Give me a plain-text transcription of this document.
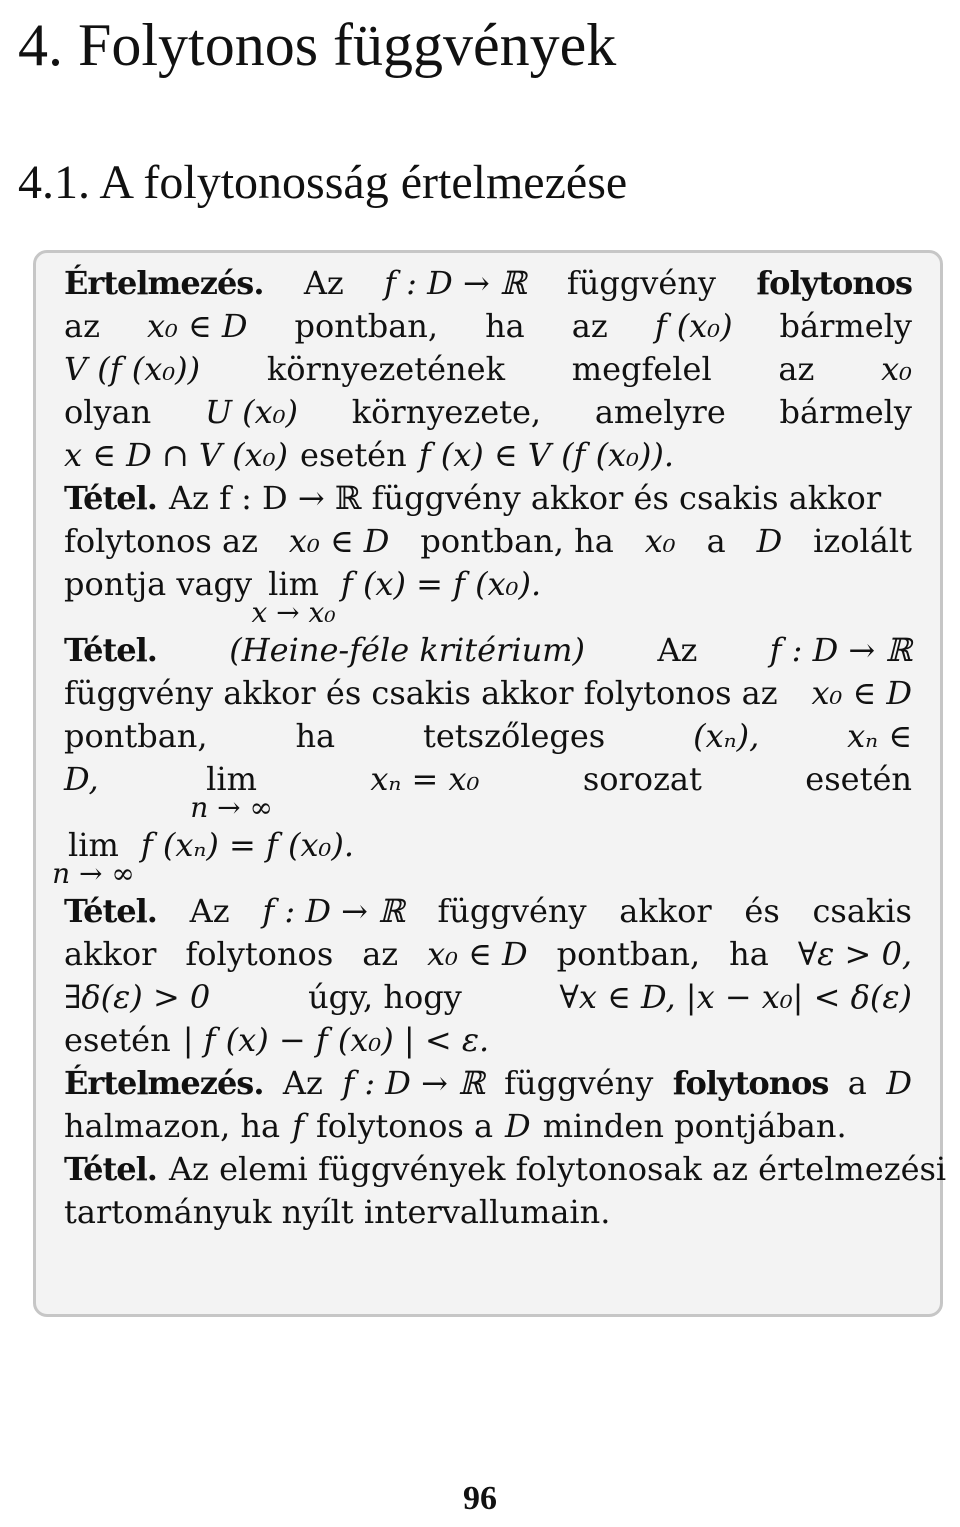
4. Folytonos függvények
4.1. A folytonosság értelmezése
Értelmezés. Az f : D → ℝ függvény folytonos
az x₀ ∈ D pontban, ha az f (x₀) bármely
V (f (x₀)) környezetének megfelel az x₀
olyan U (x₀) környezete, amelyre bármely
x ∈ D ∩ V (x₀) esetén f (x) ∈ V (f (x₀)).
Tétel. Az f : D → ℝ függvény akkor és csakis akkor
folytonos az x₀ ∈ D pontban, ha x₀ a D izolált
pontja vagy lim
x → x₀
f (x) = f (x₀).
Tétel. (Heine-féle kritérium) Az f : D → ℝ
függvény akkor és csakis akkor folytonos az x₀ ∈ D
pontban,	ha	tetszőleges	(xₙ),	xₙ ∈
D,	lim
n → ∞
xₙ = x₀	sorozat	esetén
lim
n → ∞
f (xₙ) = f (x₀).
Tétel. Az f : D → ℝ függvény akkor és csakis
akkor folytonos az x₀ ∈ D pontban, ha ∀ε > 0,
∃δ(ε) > 0	úgy, hogy	∀x ∈ D, |x − x₀| < δ(ε)
esetén | f (x) − f (x₀) | < ε.
Értelmezés. Az f : D → ℝ függvény folytonos a D
halmazon, ha f folytonos a D minden pontjában.
Tétel. Az elemi függvények folytonosak az értelmezési
tartományuk nyílt intervallumain.
96
